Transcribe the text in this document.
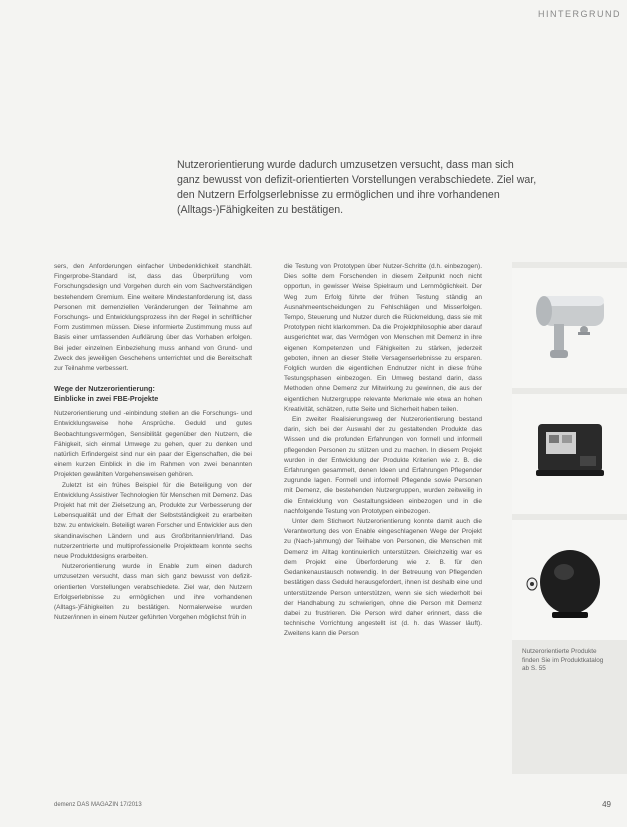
HINTERGRUND

Nutzerorientierung wurde dadurch umzusetzen versucht, dass man sich ganz bewusst von defizit-orientierten Vorstellungen verabschiedete. Ziel war, den Nutzern Erfolgserlebnisse zu ermöglichen und ihre vorhandenen (Alltags-)Fähigkeiten zu bestätigen.

sers, den Anforderungen einfacher Unbedenklichkeit standhält. Fingerprobe-Standard ist, dass das Überprüfung vom Forschungsdesign und Vorgehen durch ein vom Sachverständigen bestehendem Gremium. Eine weitere Mindestanforderung ist, dass Personen mit demenziellen Veränderungen der Teilnahme am Forschungs- und Entwicklungsprozess ihn der Regel in schriftlicher Form zustimmen müssen. Diese informierte Zustimmung muss auf Basis einer umfassenden Aufklärung über das Vorhaben erfolgen. Bei jeder einzelnen Einbeziehung muss anhand von Grund- und Zweck des jeweiligen Geschehens unterrichtet und die Bereitschaft zur Teilnahme verbessert.

Wege der Nutzerorientierung:
Einblicke in zwei FBE-Projekte

Nutzerorientierung und -einbindung stellen an die Forschungs- und Entwicklungsweise hohe Ansprüche. Geduld und gutes Beobachtungsvermögen, Sensibilität gegenüber den Nutzern, die Fähigkeit, sich einmal Umwege zu gehen, quer zu denken und natürlich Erfindergeist sind nur ein paar der Eigenschaften, die bei einem kurzen Einblick in die im Rahmen von zwei benannten Projekten gewählten Vorgehensweisen gehören.

Zuletzt ist ein frühes Beispiel für die Beteiligung von der Entwicklung Assistiver Technologien für Menschen mit Demenz. Das Projekt hat mit der Zielsetzung an, Produkte zur Verbesserung der Lebensqualität und der Erhalt der Selbstständigkeit zu erarbeiten bzw. zu entwickeln. Beteiligt waren Forscher und Entwickler aus den skandinavischen Ländern und aus Großbritannien/Irland. Das nutzerzentrierte und multiprofessionelle Projektteam konnte sechs neue Produktdesigns erarbeiten.

Nutzerorientierung wurde in Enable zum einen dadurch umzusetzen versucht, dass man sich ganz bewusst von defizit-orientierten Vorstellungen verabschiedete. Ziel war, den Nutzern Erfolgserlebnisse zu ermöglichen und ihre vorhandenen (Alltags-)Fähigkeiten zu bestätigen. Normalerweise wurden Nutzer/innen in einem Nutzer geführten Vorgehen möglichst früh in

die Testung von Prototypen über Nutzer-Schritte (d.h. einbezogen). Dies sollte dem Forschenden in diesem Zeitpunkt noch nicht opportun, in gewisser Weise Spielraum und Lernmöglichkeit. Der Weg zum Erfolg führte der frühen Testung ständig an Ausnahmeentscheidungen zu Fehlschlägen und Misserfolgen. Tempo, Steuerung und Nutzer durch die Rückmeldung, dass sie mit Prototypen nicht klarkommen. Da die Projektphilosophie aber darauf ausgerichtet war, das Vermögen von Menschen mit Demenz in ihre eigenen Kompetenzen und Fähigkeiten zu stärken, jederzeit geboten, ihnen an dieser Stelle Versagenserlebnisse zu ersparen. Folglich wurden die eigentlichen Endnutzer nicht in diese frühe Testungsphasen einbezogen. Ein Umweg bestand darin, dass Methoden ohne Demenz zur Mitwirkung zu gewinnen, die aus der eigentlichen Nutzergruppe relevante Merkmale wie etwa an hohen Kreativität, schätzen, rutte Seite und Sicherheit haben teilen.

Ein zweiter Realisierungsweg der Nutzerorientierung bestand darin, sich bei der Auswahl der zu gestaltenden Produkte das Wissen und die profunden Erfahrungen von formell und informell pflegenden Personen zu stützen und zu machen. In diesem Projekt wurden in der Entwicklung der Produkte Kriterien wie z. B. die Erfahrungen gesammelt, denen Ideen und Erfahrungen Pflegender zugrunde lagen. Formell und informell Pflegende sowie Personen mit Demenz, die bestehenden Nutzergruppen, wurden zeitweilig in die Entwicklung von Gestaltungsideen einbezogen und in die nachfolgende Testung von Prototypen einbezogen.

Unter dem Stichwort Nutzerorientierung konnte damit auch die Verantwortung des von Enable eingeschlagenen Wege der Projekt zu (Nach-)ahmung) der Teilhabe von Personen, die Menschen mit Demenz im Alltag kontinuierlich unterstützen. Gleichzeitig war es dem Projekt eine Überforderung wie z. B. für den Gedankenaustausch notwendig. In der Betreuung von Pflegenden bestätigen dass Geduld herausgefordert, ihnen ist deshalb eine und unterstützende Person unterstützen, wenn sie sich wiederholt bei der Handhabung zu schwierigen, ohne die Person mit Demenz dabei zu frustrieren. Die Person wird daher erinnert, dass die technische Vorrichtung angestellt ist (d. h. das Wasser läuft). Zweitens kann die Person

Nutzerorientierte Produkte finden Sie im Produktkatalog ab S. 55
demenz DAS MAGAZIN 17/2013	49
